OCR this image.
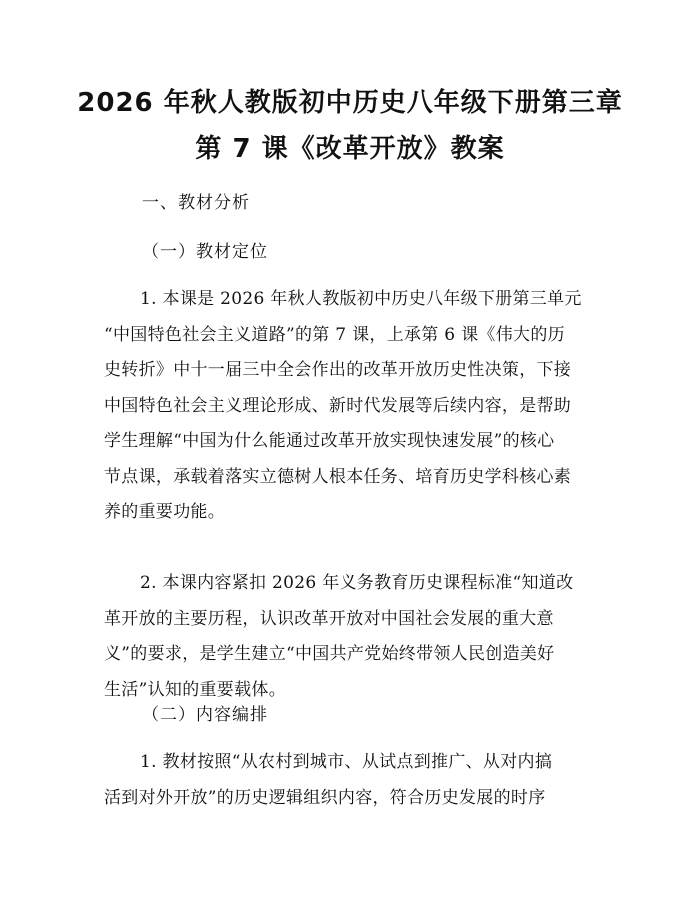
2026 年秋人教版初中历史八年级下册第三章
第 7 课《改革开放》教案
一、教材分析
（一）教材定位
1. 本课是 2026 年秋人教版初中历史八年级下册第三单元
“中国特色社会主义道路”的第 7 课，上承第 6 课《伟大的历
史转折》中十一届三中全会作出的改革开放历史性决策，下接
中国特色社会主义理论形成、新时代发展等后续内容，是帮助
学生理解“中国为什么能通过改革开放实现快速发展”的核心
节点课，承载着落实立德树人根本任务、培育历史学科核心素
养的重要功能。
2. 本课内容紧扣 2026 年义务教育历史课程标准“知道改
革开放的主要历程，认识改革开放对中国社会发展的重大意
义”的要求，是学生建立“中国共产党始终带领人民创造美好
生活”认知的重要载体。
（二）内容编排
1. 教材按照“从农村到城市、从试点到推广、从对内搞
活到对外开放”的历史逻辑组织内容，符合历史发展的时序
